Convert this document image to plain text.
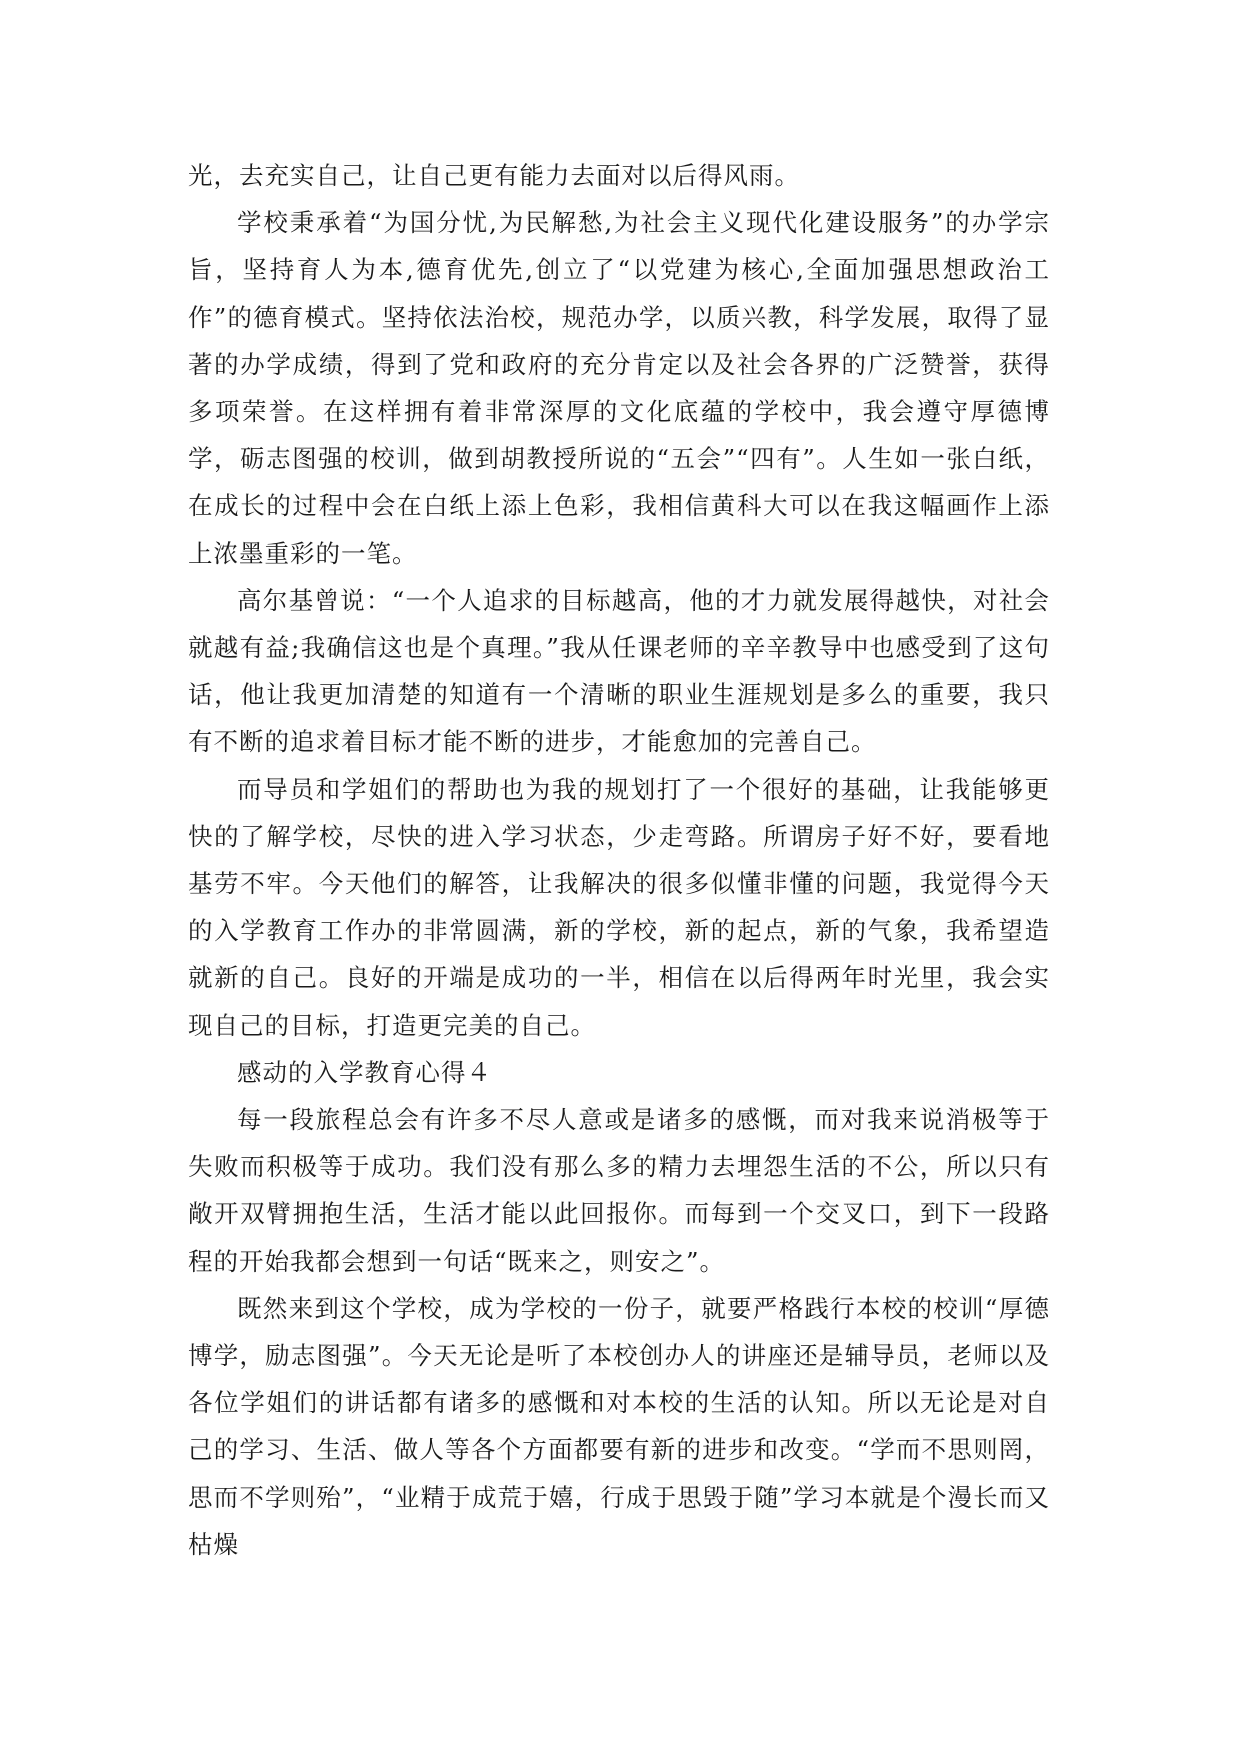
光，去充实自己，让自己更有能力去面对以后得风雨。

学校秉承着“为国分忧,为民解愁,为社会主义现代化建设服务”的办学宗旨，坚持育人为本,德育优先,创立了“以党建为核心,全面加强思想政治工作”的德育模式。坚持依法治校，规范办学，以质兴教，科学发展，取得了显著的办学成绩，得到了党和政府的充分肯定以及社会各界的广泛赞誉，获得多项荣誉。在这样拥有着非常深厚的文化底蕴的学校中，我会遵守厚德博学，砺志图强的校训，做到胡教授所说的“五会”“四有”。人生如一张白纸，在成长的过程中会在白纸上添上色彩，我相信黄科大可以在我这幅画作上添上浓墨重彩的一笔。

高尔基曾说：“一个人追求的目标越高，他的才力就发展得越快，对社会就越有益;我确信这也是个真理。”我从任课老师的辛辛教导中也感受到了这句话，他让我更加清楚的知道有一个清晰的职业生涯规划是多么的重要，我只有不断的追求着目标才能不断的进步，才能愈加的完善自己。

而导员和学姐们的帮助也为我的规划打了一个很好的基础，让我能够更快的了解学校，尽快的进入学习状态，少走弯路。所谓房子好不好，要看地基劳不牢。今天他们的解答，让我解决的很多似懂非懂的问题，我觉得今天的入学教育工作办的非常圆满，新的学校，新的起点，新的气象，我希望造就新的自己。良好的开端是成功的一半，相信在以后得两年时光里，我会实现自己的目标，打造更完美的自己。

感动的入学教育心得４

每一段旅程总会有许多不尽人意或是诸多的感慨，而对我来说消极等于失败而积极等于成功。我们没有那么多的精力去埋怨生活的不公，所以只有敞开双臂拥抱生活，生活才能以此回报你。而每到一个交叉口，到下一段路程的开始我都会想到一句话“既来之，则安之”。

既然来到这个学校，成为学校的一份子，就要严格践行本校的校训“厚德博学，励志图强”。今天无论是听了本校创办人的讲座还是辅导员，老师以及各位学姐们的讲话都有诸多的感慨和对本校的生活的认知。所以无论是对自己的学习、生活、做人等各个方面都要有新的进步和改变。“学而不思则罔，思而不学则殆”，“业精于成荒于嬉，行成于思毁于随”学习本就是个漫长而又枯燥
